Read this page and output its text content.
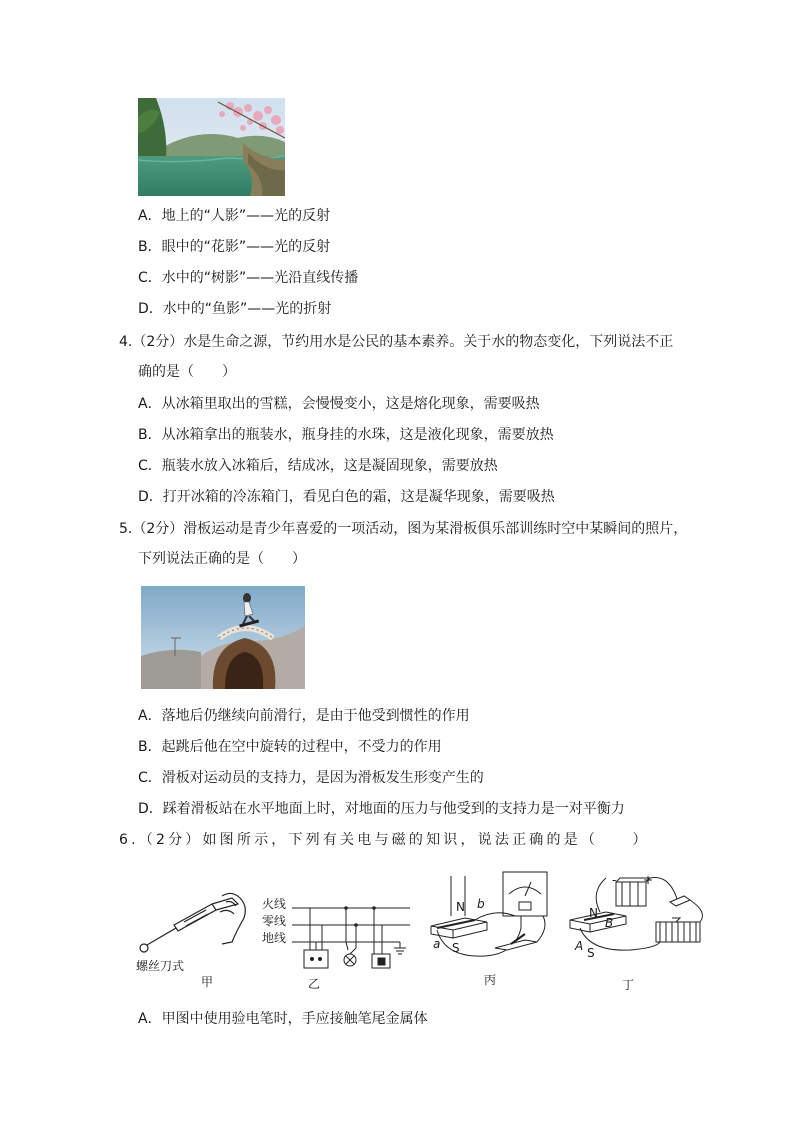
A．地上的“人影”——光的反射
B．眼中的“花影”——光的反射
C．水中的“树影”——光沿直线传播
D．水中的“鱼影”——光的折射
4.（2分）水是生命之源，节约用水是公民的基本素养。关于水的物态变化，下列说法不正
确的是（　　）
A．从冰箱里取出的雪糕，会慢慢变小，这是熔化现象，需要吸热
B．从冰箱拿出的瓶装水，瓶身挂的水珠，这是液化现象，需要放热
C．瓶装水放入冰箱后，结成冰，这是凝固现象，需要放热
D．打开冰箱的冷冻箱门，看见白色的霜，这是凝华现象，需要吸热
5.（2分）滑板运动是青少年喜爱的一项活动，图为某滑板俱乐部训练时空中某瞬间的照片，
下列说法正确的是（　　）
A．落地后仍继续向前滑行，是由于他受到惯性的作用
B．起跳后他在空中旋转的过程中，不受力的作用
C．滑板对运动员的支持力，是因为滑板发生形变产生的
D．踩着滑板站在水平地面上时，对地面的压力与他受到的支持力是一对平衡力
6.（2分）如图所示，下列有关电与磁的知识，说法正确的是（　　）
螺丝刀式
甲
火线
零线
地线
乙
N
S
b
a
丙
- +
N
B
A S
丁
A．甲图中使用验电笔时，手应接触笔尾金属体
